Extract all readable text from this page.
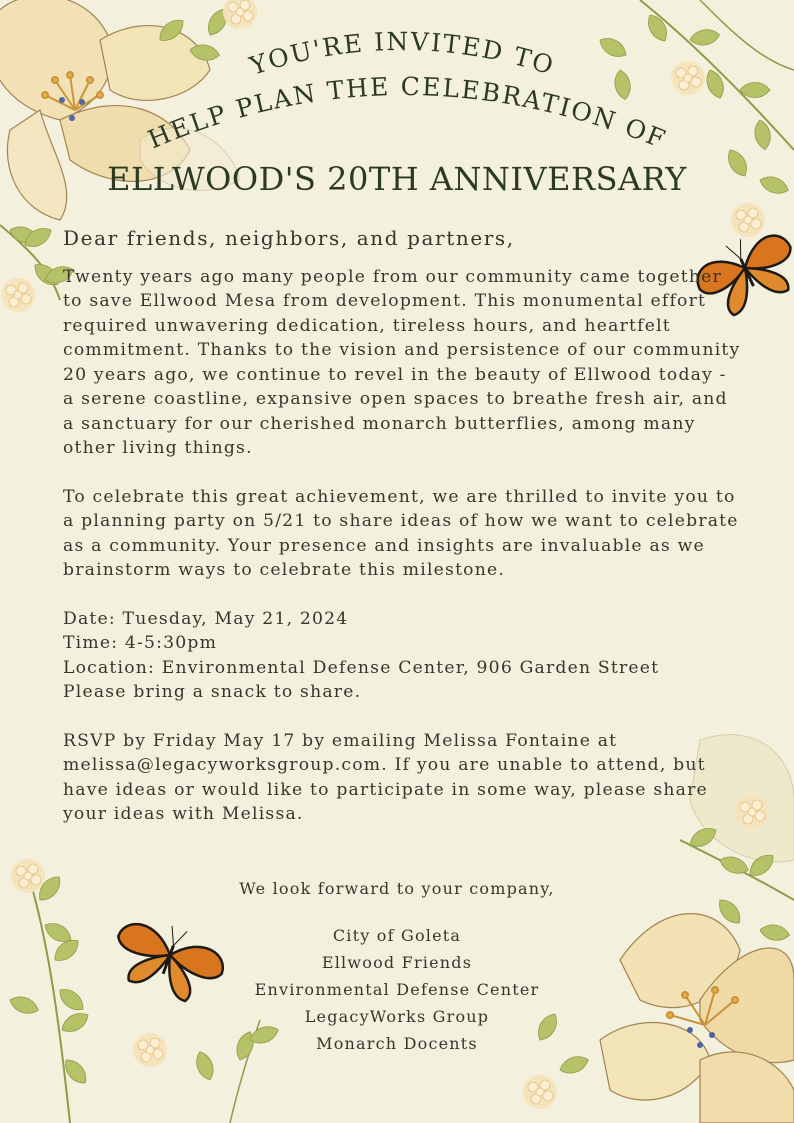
YOU'RE INVITED TO
HELP PLAN THE CELEBRATION OF
ELLWOOD'S 20TH ANNIVERSARY

Dear friends, neighbors, and partners,

Twenty years ago many people from our community came together to save Ellwood Mesa from development. This monumental effort required unwavering dedication, tireless hours, and heartfelt commitment. Thanks to the vision and persistence of our community 20 years ago, we continue to revel in the beauty of Ellwood today - a serene coastline, expansive open spaces to breathe fresh air, and a sanctuary for our cherished monarch butterflies, among many other living things.

To celebrate this great achievement, we are thrilled to invite you to a planning party on 5/21 to share ideas of how we want to celebrate as a community. Your presence and insights are invaluable as we brainstorm ways to celebrate this milestone.

Date: Tuesday, May 21, 2024

Time: 4-5:30pm

Location: Environmental Defense Center, 906 Garden Street

Please bring a snack to share.

RSVP by Friday May 17 by emailing Melissa Fontaine at melissa@legacyworksgroup.com. If you are unable to attend, but have ideas or would like to participate in some way, please share your ideas with Melissa.

We look forward to your company,
City of Goleta
Ellwood Friends
Environmental Defense Center
LegacyWorks Group
Monarch Docents
